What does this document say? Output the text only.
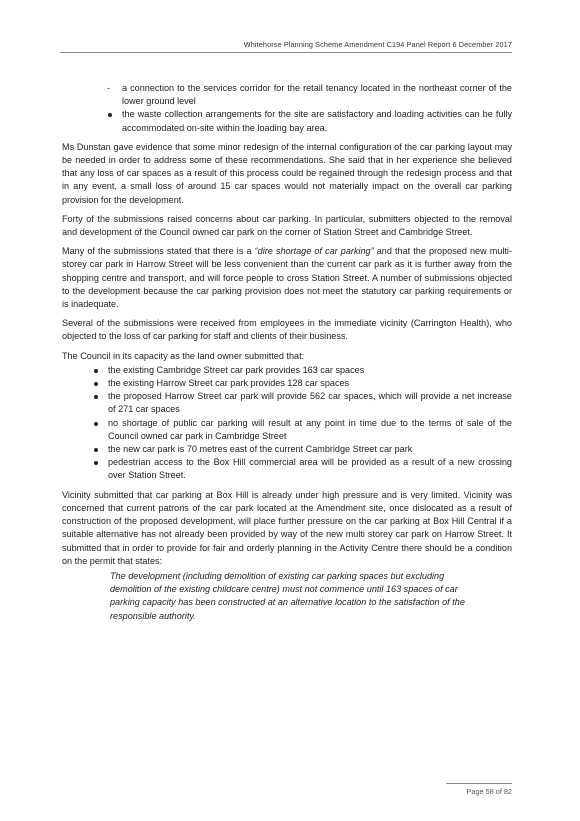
Whitehorse Planning Scheme Amendment C194 Panel Report 6 December 2017
-	a connection to the services corridor for the retail tenancy located in the northeast corner of the lower ground level
the waste collection arrangements for the site are satisfactory and loading activities can be fully accommodated on-site within the loading bay area.

Ms Dunstan gave evidence that some minor redesign of the internal configuration of the car parking layout may be needed in order to address some of these recommendations. She said that in her experience she believed that any loss of car spaces as a result of this process could be regained through the redesign process and that in any event, a small loss of around 15 car spaces would not materially impact on the overall car parking provision for the development.

Forty of the submissions raised concerns about car parking. In particular, submitters objected to the removal and development of the Council owned car park on the corner of Station Street and Cambridge Street.

Many of the submissions stated that there is a “dire shortage of car parking” and that the proposed new multi-storey car park in Harrow Street will be less convenient than the current car park as it is further away from the shopping centre and transport, and will force people to cross Station Street. A number of submissions objected to the development because the car parking provision does not meet the statutory car parking requirements or is inadequate.

Several of the submissions were received from employees in the immediate vicinity (Carrington Health), who objected to the loss of car parking for staff and clients of their business.

The Council in its capacity as the land owner submitted that:

the existing Cambridge Street car park provides 163 car spaces
the existing Harrow Street car park provides 128 car spaces
the proposed Harrow Street car park will provide 562 car spaces, which will provide a net increase of 271 car spaces
no shortage of public car parking will result at any point in time due to the terms of sale of the Council owned car park in Cambridge Street
the new car park is 70 metres east of the current Cambridge Street car park
pedestrian access to the Box Hill commercial area will be provided as a result of a new crossing over Station Street.

Vicinity submitted that car parking at Box Hill is already under high pressure and is very limited. Vicinity was concerned that current patrons of the car park located at the Amendment site, once dislocated as a result of construction of the proposed development, will place further pressure on the car parking at Box Hill Central if a suitable alternative has not already been provided by way of the new multi storey car park on Harrow Street. It submitted that in order to provide for fair and orderly planning in the Activity Centre there should be a condition on the permit that states:

The development (including demolition of existing car parking spaces but excluding demolition of the existing childcare centre) must not commence until 163 spaces of car parking capacity has been constructed at an alternative location to the satisfaction of the responsible authority.

Page 58 of 82
